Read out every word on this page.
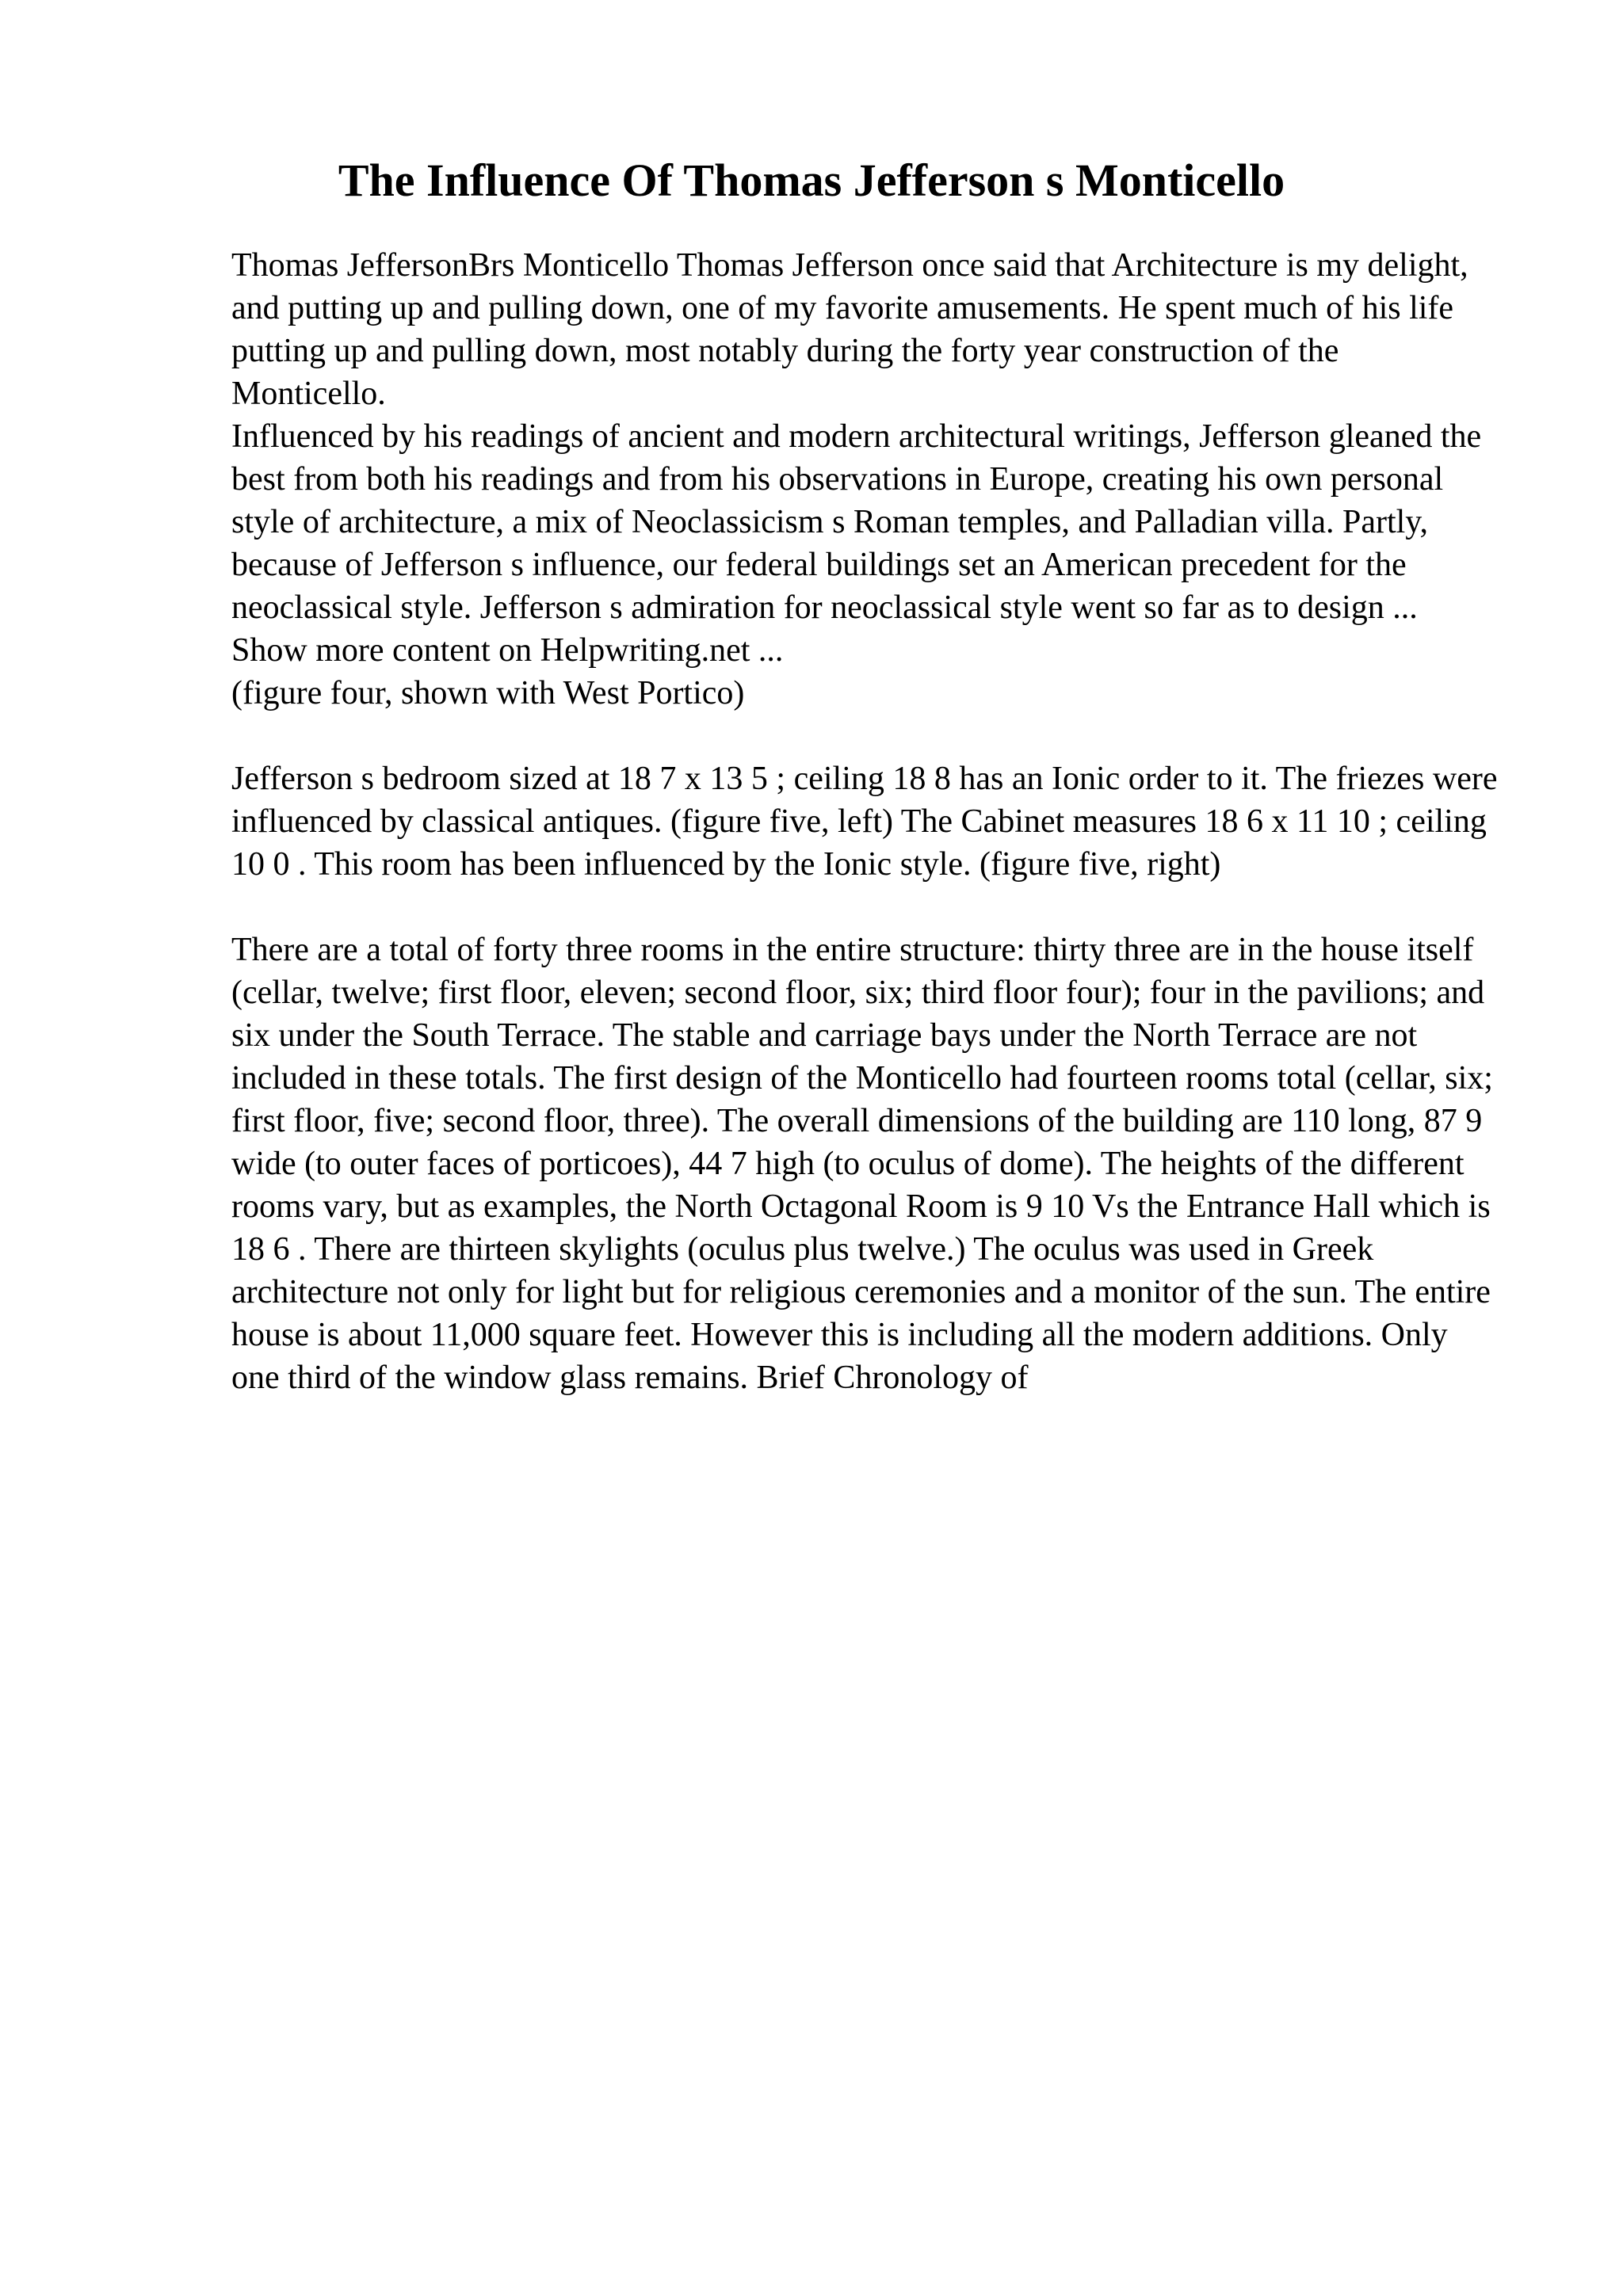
The Influence Of Thomas Jefferson s Monticello

Thomas JeffersonBrs Monticello Thomas Jefferson once said that Architecture is my delight, and putting up and pulling down, one of my favorite amusements. He spent much of his life putting up and pulling down, most notably during the forty year construction of the Monticello.

Influenced by his readings of ancient and modern architectural writings, Jefferson gleaned the best from both his readings and from his observations in Europe, creating his own personal style of architecture, a mix of Neoclassicism s Roman temples, and Palladian villa. Partly, because of Jefferson s influence, our federal buildings set an American precedent for the neoclassical style. Jefferson s admiration for neoclassical style went so far as to design ... Show more content on Helpwriting.net ...

(figure four, shown with West Portico)

Jefferson s bedroom sized at 18 7 x 13 5 ; ceiling 18 8 has an Ionic order to it. The friezes were influenced by classical antiques. (figure five, left) The Cabinet measures 18 6 x 11 10 ; ceiling 10 0 . This room has been influenced by the Ionic style. (figure five, right)

There are a total of forty three rooms in the entire structure: thirty three are in the house itself (cellar, twelve; first floor, eleven; second floor, six; third floor four); four in the pavilions; and six under the South Terrace. The stable and carriage bays under the North Terrace are not included in these totals. The first design of the Monticello had fourteen rooms total (cellar, six; first floor, five; second floor, three). The overall dimensions of the building are 110 long, 87 9 wide (to outer faces of porticoes), 44 7 high (to oculus of dome). The heights of the different rooms vary, but as examples, the North Octagonal Room is 9 10 Vs the Entrance Hall which is 18 6 . There are thirteen skylights (oculus plus twelve.) The oculus was used in Greek architecture not only for light but for religious ceremonies and a monitor of the sun. The entire house is about 11,000 square feet. However this is including all the modern additions. Only one third of the window glass remains. Brief Chronology of
